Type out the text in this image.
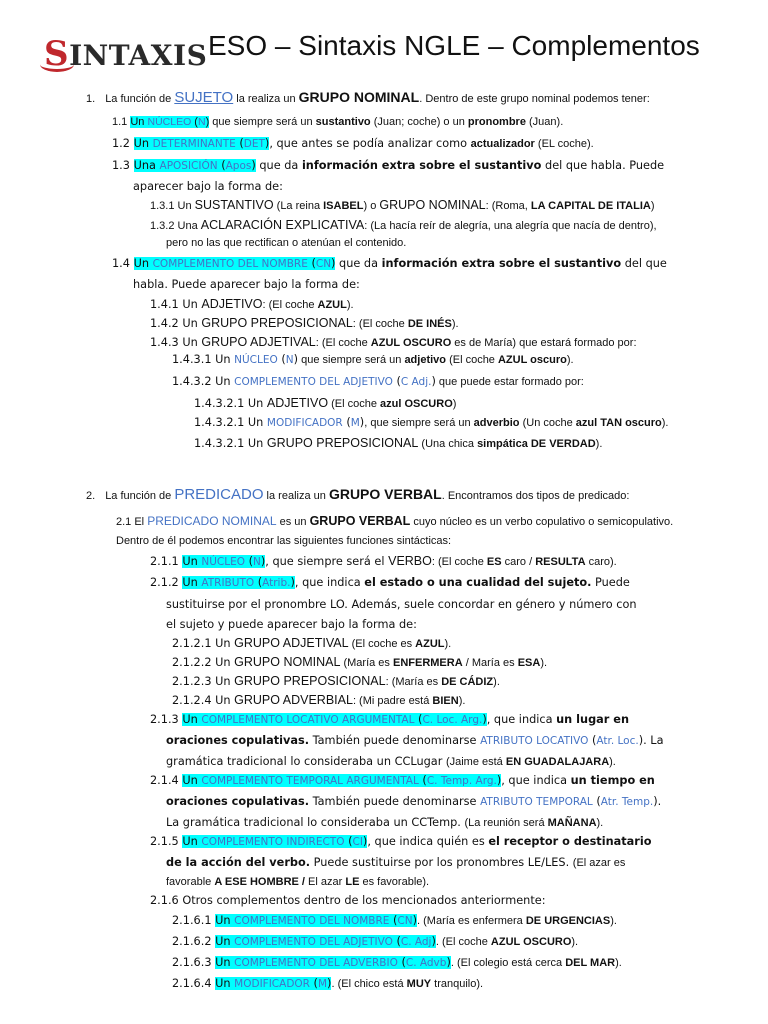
SINTAXIS ESO – Sintaxis NGLE – Complementos
1. La función de SUJETO la realiza un GRUPO NOMINAL. Dentro de este grupo nominal podemos tener:
1.1 Un NÚCLEO (N) que siempre será un sustantivo (Juan; coche) o un pronombre (Juan).
1.2 Un DETERMINANTE (DET), que antes se podía analizar como actualizador (EL coche).
1.3 Una APOSICIÓN (Apos) que da información extra sobre el sustantivo del que habla. Puede
aparecer bajo la forma de:
1.3.1 Un SUSTANTIVO (La reina ISABEL) o GRUPO NOMINAL: (Roma, LA CAPITAL DE ITALIA)
1.3.2 Una ACLARACIÓN EXPLICATIVA: (La hacía reír de alegría, una alegría que nacía de dentro),
pero no las que rectifican o atenúan el contenido.
1.4 Un COMPLEMENTO DEL NOMBRE (CN) que da información extra sobre el sustantivo del que
habla. Puede aparecer bajo la forma de:
1.4.1 Un ADJETIVO: (El coche AZUL).
1.4.2 Un GRUPO PREPOSICIONAL: (El coche DE INÉS).
1.4.3 Un GRUPO ADJETIVAL: (El coche AZUL OSCURO es de María) que estará formado por:
1.4.3.1 Un NÚCLEO (N) que siempre será un adjetivo (El coche AZUL oscuro).
1.4.3.2 Un COMPLEMENTO DEL ADJETIVO (C Adj.) que puede estar formado por:
1.4.3.2.1 Un ADJETIVO (El coche azul OSCURO)
1.4.3.2.1 Un MODIFICADOR (M), que siempre será un adverbio (Un coche azul TAN oscuro).
1.4.3.2.1 Un GRUPO PREPOSICIONAL (Una chica simpática DE VERDAD).
2. La función de PREDICADO la realiza un GRUPO VERBAL. Encontramos dos tipos de predicado:
2.1 El PREDICADO NOMINAL es un GRUPO VERBAL cuyo núcleo es un verbo copulativo o semicopulativo.
Dentro de él podemos encontrar las siguientes funciones sintácticas:
2.1.1 Un NÚCLEO (N), que siempre será el VERBO: (El coche ES caro / RESULTA caro).
2.1.2 Un ATRIBUTO (Atrib.), que indica el estado o una cualidad del sujeto. Puede
sustituirse por el pronombre LO. Además, suele concordar en género y número con
el sujeto y puede aparecer bajo la forma de:
2.1.2.1 Un GRUPO ADJETIVAL (El coche es AZUL).
2.1.2.2 Un GRUPO NOMINAL (María es ENFERMERA / María es ESA).
2.1.2.3 Un GRUPO PREPOSICIONAL: (María es DE CÁDIZ).
2.1.2.4 Un GRUPO ADVERBIAL: (Mi padre está BIEN).
2.1.3 Un COMPLEMENTO LOCATIVO ARGUMENTAL (C. Loc. Arg.), que indica un lugar en
oraciones copulativas. También puede denominarse ATRIBUTO LOCATIVO (Atr. Loc.). La
gramática tradicional lo consideraba un CCLugar (Jaime está EN GUADALAJARA).
2.1.4 Un COMPLEMENTO TEMPORAL ARGUMENTAL (C. Temp. Arg.), que indica un tiempo en
oraciones copulativas. También puede denominarse ATRIBUTO TEMPORAL (Atr. Temp.).
La gramática tradicional lo consideraba un CCTemp. (La reunión será MAÑANA).
2.1.5 Un COMPLEMENTO INDIRECTO (CI), que indica quién es el receptor o destinatario
de la acción del verbo. Puede sustituirse por los pronombres LE/LES. (El azar es
favorable A ESE HOMBRE / El azar LE es favorable).
2.1.6 Otros complementos dentro de los mencionados anteriormente:
2.1.6.1 Un COMPLEMENTO DEL NOMBRE (CN). (María es enfermera DE URGENCIAS).
2.1.6.2 Un COMPLEMENTO DEL ADJETIVO (C. Adj). (El coche AZUL OSCURO).
2.1.6.3 Un COMPLEMENTO DEL ADVERBIO (C. Advb). (El colegio está cerca DEL MAR).
2.1.6.4 Un MODIFICADOR (M). (El chico está MUY tranquilo).
